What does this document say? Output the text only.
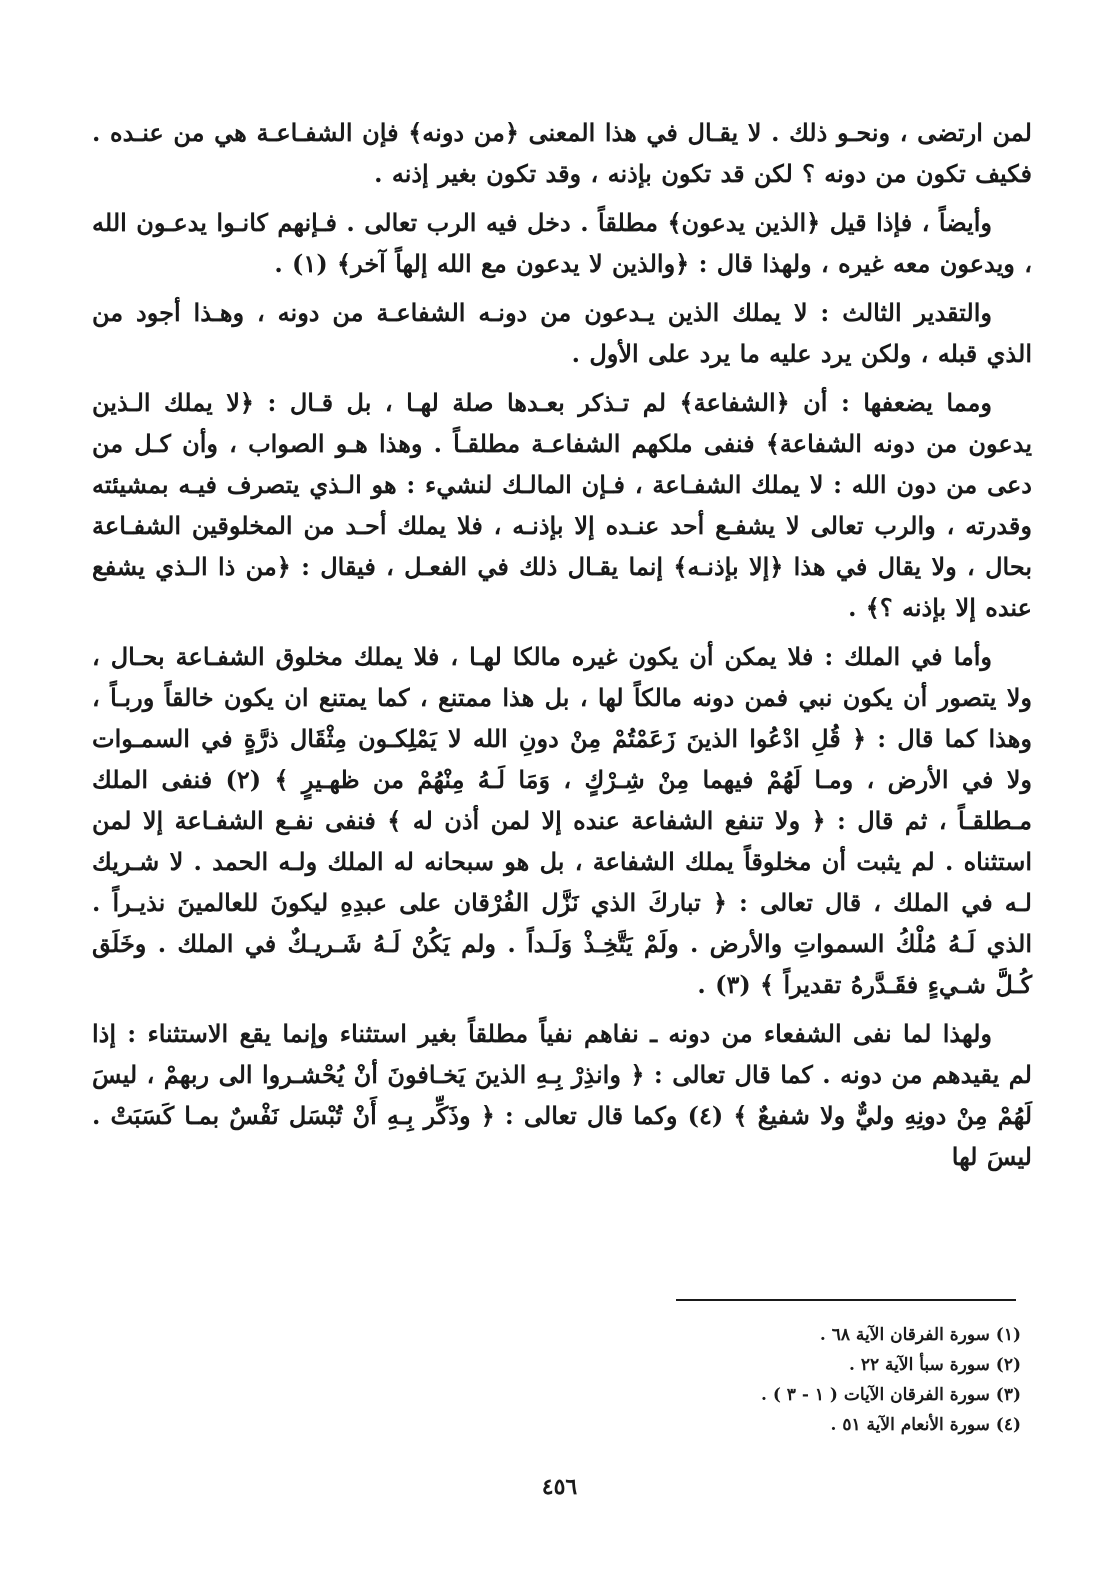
لمن ارتضى ، ونحـو ذلك . لا يقـال في هذا المعنى ﴿من دونه﴾ فإن الشفـاعـة هي من عنـده . فكيف تكون من دونه ؟ لكن قد تكون بإذنه ، وقد تكون بغير إذنه .

وأيضاً ، فإذا قيل ﴿الذين يدعون﴾ مطلقاً . دخل فيه الرب تعالى . فـإنهم كانـوا يدعـون الله ، ويدعون معه غيره ، ولهذا قال : ﴿والذين لا يدعون مع الله إلهاً آخر﴾ (١) .

والتقدير الثالث : لا يملك الذين يـدعون من دونـه الشفاعـة من دونه ، وهـذا أجود من الذي قبله ، ولكن يرد عليه ما يرد على الأول .

ومما يضعفها : أن ﴿الشفاعة﴾ لم تـذكر بعـدها صلة لهـا ، بل قـال : ﴿لا يملك الـذين يدعون من دونه الشفاعة﴾ فنفى ملكهم الشفاعـة مطلقـاً . وهذا هـو الصواب ، وأن كـل من دعى من دون الله : لا يملك الشفـاعة ، فـإن المالـك لنشيء : هو الـذي يتصرف فيـه بمشيئته وقدرته ، والرب تعالى لا يشفـع أحد عنـده إلا بإذنـه ، فلا يملك أحـد من المخلوقين الشفـاعة بحال ، ولا يقال في هذا ﴿إلا بإذنـه﴾ إنما يقـال ذلك في الفعـل ، فيقال : ﴿من ذا الـذي يشفع عنده إلا بإذنه ؟﴾ .

وأما في الملك : فلا يمكن أن يكون غيره مالكا لهـا ، فلا يملك مخلوق الشفـاعة بحـال ، ولا يتصور أن يكون نبي فمن دونه مالكاً لها ، بل هذا ممتنع ، كما يمتنع ان يكون خالقاً وربـاً ، وهذا كما قال : ﴿ قُلِ ادْعُوا الذينَ زَعَمْتُمْ مِنْ دونِ الله لا يَمْلِكـون مِثْقَال ذرَّةٍ في السمـوات ولا في الأرض ، ومـا لَهُمْ فيهما مِنْ شِـرْكٍ ، وَمَا لَـهُ مِنْهُمْ من ظهـيرٍ ﴾ (٢) فنفى الملك مـطلقـاً ، ثم قال : ﴿ ولا تنفع الشفاعة عنده إلا لمن أذن له ﴾ فنفى نفـع الشفـاعة إلا لمن استثناه . لم يثبت أن مخلوقاً يملك الشفاعة ، بل هو سبحانه له الملك ولـه الحمد . لا شـريك لـه في الملك ، قال تعالى : ﴿ تباركَ الذي نَزَّل الفُرْقان على عبدِهِ ليكونَ للعالمينَ نذيـراً . الذي لَـهُ مُلْكُ السمواتِ والأرض . ولَمْ يَتَّخِـذْ وَلَـداً . ولم يَكُنْ لَـهُ شَـريـكٌ في الملك . وخَلَق كُـلَّ شـيءٍ فقَـدَّرهُ تقديراً ﴾ (٣) .

ولهذا لما نفى الشفعاء من دونه ـ نفاهم نفياً مطلقاً بغير استثناء وإنما يقع الاستثناء : إذا لم يقيدهم من دونه . كما قال تعالى : ﴿ وانذِرْ بِـهِ الذينَ يَخـافونَ أنْ يُحْشـروا الى ربهمْ ، ليسَ لَهُمْ مِنْ دونِهِ وليٌّ ولا شفيعٌ ﴾ (٤) وكما قال تعالى : ﴿ وذَكِّر بِـهِ أَنْ تُبْسَل نَفْسٌ بمـا كَسَبَتْ . ليسَ لها

(١) سورة الفرقان الآية ٦٨ .

(٢) سورة سبأ الآية ٢٢ .

(٣) سورة الفرقان الآيات ( ١ - ٣ ) .

(٤) سورة الأنعام الآية ٥١ .

٤٥٦
